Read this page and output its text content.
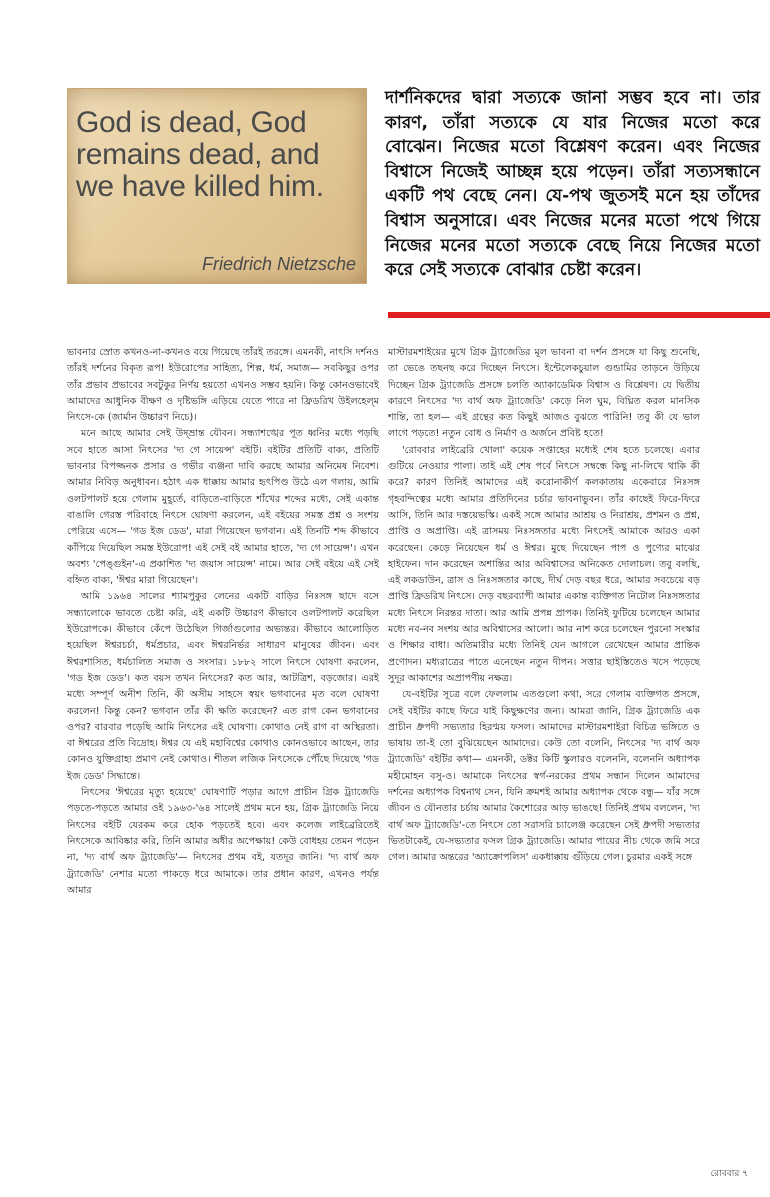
God is dead, God remains dead, and we have killed him.
Friedrich Nietzsche
দার্শনিকদের দ্বারা সত্যকে জানা সম্ভব হবে না। তার কারণ, তাঁরা সত্যকে যে যার নিজের মতো করে বোঝেন। নিজের মতো বিশ্লেষণ করেন। এবং নিজের বিশ্বাসে নিজেই আচ্ছন্ন হয়ে পড়েন। তাঁরা সত্যসন্ধানে একটি পথ বেছে নেন। যে-পথ জুতসই মনে হয় তাঁদের বিশ্বাস অনুসারে। এবং নিজের মনের মতো পথে গিয়ে নিজের মনের মতো সত্যকে বেছে নিয়ে নিজের মতো করে সেই সত্যকে বোঝার চেষ্টা করেন।

ভাবনার স্রোত কখনও-না-কখনও বয়ে গিয়েছে তাঁরই তরঙ্গে। এমনকী, নাৎসি দর্শনও তাঁরই দর্শনের বিকৃত রূপ! ইউরোপের সাহিত্য, শিল্প, ধর্ম, সমাজ— সবকিছুর ওপর তাঁর প্রভাব প্রভাবের সবটুকুর নির্ণয় হয়তো এখনও সম্ভব হয়নি। কিন্তু কোনওভাবেই আমাদের আধুনিক বীক্ষণ ও দৃষ্টিভঙ্গি এড়িয়ে যেতে পারে না ফ্রিডরিখ উইলহেল্‌ম নিৎসে-কে (জার্মান উচ্চারণ নিচে)।

মনে আছে আমার সেই উদ্‌ভ্রান্ত যৌবন। সন্ধ্যাশঙ্খের পূত ধ্বনির মধ্যে পড়ছি সবে হাতে আসা নিৎসের 'দ্য গে সায়েন্স' বইটি। বইটির প্রতিটি বাক্য, প্রতিটি ভাবনার বিপজ্জনক প্রসার ও গভীর ব্যঞ্জনা দাবি করছে আমার অনিমেষ নিবেশ। আমার নিবিড় অনুধাবন। হঠাৎ এক ধাক্কায় আমার হৃৎপিণ্ড উঠে এল গলায়, আমি ওলটপালট হয়ে গেলাম মুহূর্তে, বাড়িতে-বাড়িতে শাঁখের শব্দের মধ্যে, সেই একান্ত বাঙালি গেরস্ত পরিবাহে নিৎসে ঘোষণা করলেন, এই বইয়ের সমস্ত প্রশ্ন ও সংশয় পেরিয়ে এসে— 'গড ইজ ডেড', মারা গিয়েছেন ভগবান। এই তিনটি শব্দ কীভাবে কাঁপিয়ে দিয়েছিল সমস্ত ইউরোপ! এই সেই বই আমার হাতে, 'দ্য গে সায়েন্স'। এখন অবশ্য 'পেঙ্গুইন'-এ প্রকাশিত 'দ্য জয়াস সায়েন্স' নামে। আর সেই বইয়ে এই সেই বহ্নিত বাক্য, 'ঈশ্বর মারা গিয়েছেন'।

আমি ১৯৬৪ সালের শ্যামপুকুর লেনের একটি বাড়ির নিঃসঙ্গ ছাদে বসে সন্ধ্যালোকে ভাবতে চেষ্টা করি, এই একটি উচ্চারণ কীভাবে ওলটপালট করেছিল ইউরোপকে। কীভাবে কেঁপে উঠেছিল গির্জাগুলোর অভ্যন্তর। কীভাবে আলোড়িত হয়েছিল ঈশ্বরচর্চা, ধর্মপ্রচার, এবং ঈশ্বরনির্ভর সাধারণ মানুষের জীবন। এবং ঈশ্বরশাসিত, ধর্মচালিত সমাজ ও সংসার। ১৮৮২ সালে নিৎসে ঘোষণা করলেন, 'গড ইজ ডেড'। কত বয়স তখন নিৎসের? কত আর, আটত্রিশ, বড়জোর। এরই মধ্যে সম্পূর্ণ অনীশ তিনি, কী অসীম সাহসে স্বয়ং ভগবানের মৃত বলে ঘোষণা করলেন! কিন্তু কেন? ভগবান তাঁর কী ক্ষতি করেছেন? এত রাগ কেন ভগবানের ওপর? বারবার পড়েছি আমি নিৎসের এই ঘোষণা। কোথাও নেই রাগ বা অস্থিরতা। বা ঈশ্বরের প্রতি বিদ্রোহ। ঈশ্বর যে এই মহাবিশ্বের কোথাও কোনওভাবে আছেন, তার কোনও যুক্তিগ্রাহ্য প্রমাণ নেই কোথাও। শীতল লজিক নিৎসেকে পৌঁছে দিয়েছে 'গড ইজ ডেড' সিদ্ধান্তে।

নিৎসের 'ঈশ্বরের মৃত্যু হয়েছে' ঘোষণাটি পড়ার আগে প্রাচীন গ্রিক ট্র্যাজেডি পড়তে-পড়তে আমার ওই ১৯৬৩-'৬৪ সালেই প্রথম মনে হয়, গ্রিক ট্র্যাজেডি নিয়ে নিৎসের বইটি যেরকম করে হোক পড়তেই হবে। এবং কলেজ লাইব্রেরিতেই নিৎসেকে আবিষ্কার করি, তিনি আমার অধীর অপেক্ষায়! কেউ বোধহয় তেমন পড়েন না, 'দ্য বার্থ অফ ট্র্যাজেডি'— নিৎসের প্রথম বই, যতদূর জানি। 'দ্য বার্থ অফ ট্র্যাজেডি' নেশার মতো পাকড়ে ধরে আমাকে। তার প্রধান কারণ, এখনও পর্যন্ত আমার

মাস্টারমশাইয়ের মুখে গ্রিক ট্র্যাজেডির মূল ভাবনা বা দর্শন প্রসঙ্গে যা কিছু শুনেছি, তা ভেঙে তছনছ করে দিচ্ছেন নিৎসে। ইন্টেলেকচুয়াল গুন্ডামির তাড়নে উড়িয়ে দিচ্ছেন গ্রিক ট্র্যাজেডি প্রসঙ্গে চলতি অ্যাকাডেমিক বিশ্বাস ও বিশ্লেষণ। যে দ্বিতীয় কারণে নিৎসের 'দ্য বার্থ অফ ট্র্যাজেডি' কেড়ে নিল ঘুম, বিঘ্নিত করল মানসিক শান্তি, তা হল— এই গ্রন্থের কত কিছুই আজও বুঝতে পারিনি! তবু কী যে ভাল লাগে পড়তে! নতুন বোধ ও নির্মাণ ও অর্জনে প্রবিষ্ট হতে!

'রোববার লাইব্রেরি খোলা' কয়েক সপ্তাহের মধ্যেই শেষ হতে চলেছে। এবার গুটিয়ে নেওয়ার পালা। তাই এই শেষ পর্বে নিৎসে সম্বন্ধে কিছু না-লিখে থাকি কী করে? কারণ তিনিই আমাদের এই করোনাকীর্ণ কলকাতায় একেবারে নিঃসঙ্গ গৃহবন্দিত্বের মধ্যে আমার প্রতিদিনের চর্চার ভাবনাভুবন। তাঁর কাছেই ফিরে-ফিরে আসি, তিনি আর দস্তয়েভস্কি। একই সঙ্গে আমার আশ্রয় ও নিরাশ্রয়, প্রশমন ও প্রশ্ন, প্রাপ্তি ও অপ্রাপ্তি। এই ত্রাসময় নিঃসঙ্গতার মধ্যে নিৎসেই আমাকে আরও একা করেছেন। কেড়ে নিয়েছেন ধর্ম ও ঈশ্বর। মুছে দিয়েছেন পাপ ও পুণ্যের মাঝের হাইফেন। দান করেছেন অশান্তির আর অবিশ্বাসের অনিকেত দোলাচল। তবু বলছি, এই লকডাউন, ত্রাস ও নিঃসঙ্গতার কাছে, দীর্ঘ দেড় বছর ধরে, আমার সবচেয়ে বড় প্রাপ্তি ফ্রিডরিখ নিৎসে। দেড় বছরব্যাপী আমার একান্ত ব্যক্তিগত নিটোল নিঃসঙ্গতার মধ্যে নিৎসে নিরন্তর দাতা। আর আমি প্রপন্ন প্রাপক। তিনিই ফুটিয়ে চলেছেন আমার মধ্যে নব-নব সংশয় আর অবিশ্বাসের আলো। আর নাশ করে চলেছেন পুরনো সংস্কার ও শিক্ষার বাধা। অতিমারীর মধ্যে তিনিই যেন আগলে রেখেছেন আমার প্রান্তিক প্রণোদন। মধ্যরাত্রের পাতে এনেছেন নতুন দীপন। সত্তার ছাইস্তিতেও খসে পড়েছে সুদূর আকাশের অপ্রাপণীয় নক্ষত্র।

যে-বইটির সূত্রে বলে ফেললাম এতগুলো কথা, সরে গেলাম ব্যক্তিগত প্রসঙ্গে, সেই বইটির কাছে ফিরে যাই কিছুক্ষণের জন্য। আমরা জানি, গ্রিক ট্র্যাজেডি এক প্রাচীন ধ্রুপদী সভ্যতার হিরণ্ময় ফসল। আমাদের মাস্টারমশাইরা বিচিত্র ভঙ্গিতে ও ভাষায় তা-ই তো বুঝিয়েছেন আমাদের। কেউ তো বলেনি, নিৎসের 'দ্য বার্থ অফ ট্র্যাজেডি' বইটির কথা— এমনকী, ডক্টর কিটি স্কুলারও বলেননি, বলেননি অধ্যাপক মহীমোহন বসু-ও। আমাকে নিৎসের স্বর্গ-নরকের প্রথম সন্ধান দিলেন আমাদের দর্শনের অধ্যাপক বিশ্বনাথ সেন, যিনি ক্রমশই আমার অধ্যাপক থেকে বন্ধু— যাঁর সঙ্গে জীবন ও যৌনতার চর্চায় আমার কৈশোরের আড় ভাঙছে! তিনিই প্রথম বললেন, 'দ্য বার্থ অফ ট্র্যাজেডি'-তে নিৎসে তো সরাসরি চ্যালেঞ্জ করেছেন সেই ধ্রুপদী সভ্যতার ভিতটাকেই, যে-সভ্যতার ফসল গ্রিক ট্র্যাজেডি। আমার পায়ের নীচ থেকে জমি সরে গেল। আমার অন্তরের 'অ্যাক্রোপলিস' একধাক্কায় গুঁড়িয়ে গেল। চুরমার একই সঙ্গে

রোববার ৭
